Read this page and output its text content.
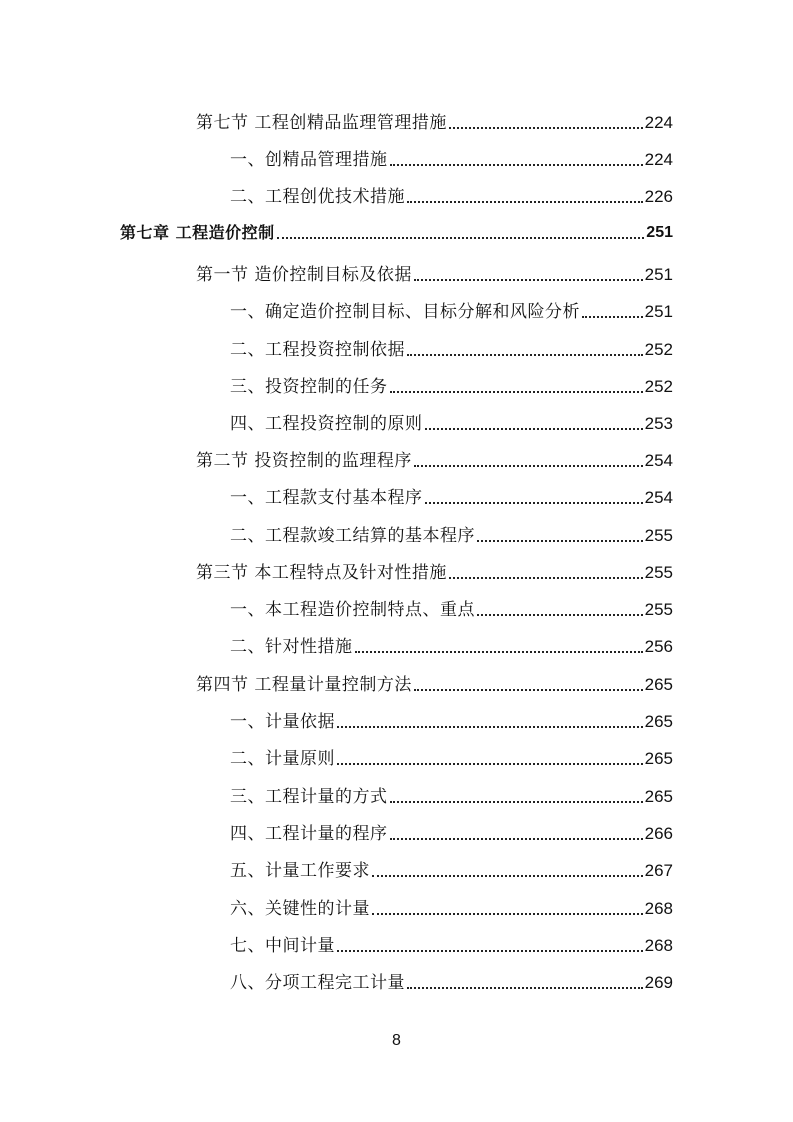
第七节 工程创精品监理管理措施	224
一、创精品管理措施	224
二、工程创优技术措施	226
第七章 工程造价控制	251
第一节 造价控制目标及依据	251
一、确定造价控制目标、目标分解和风险分析	251
二、工程投资控制依据	252
三、投资控制的任务	252
四、工程投资控制的原则	253
第二节 投资控制的监理程序	254
一、工程款支付基本程序	254
二、工程款竣工结算的基本程序	255
第三节 本工程特点及针对性措施	255
一、本工程造价控制特点、重点	255
二、针对性措施	256
第四节 工程量计量控制方法	265
一、计量依据	265
二、计量原则	265
三、工程计量的方式	265
四、工程计量的程序	266
五、计量工作要求	267
六、关键性的计量	268
七、中间计量	268
八、分项工程完工计量	269
8
